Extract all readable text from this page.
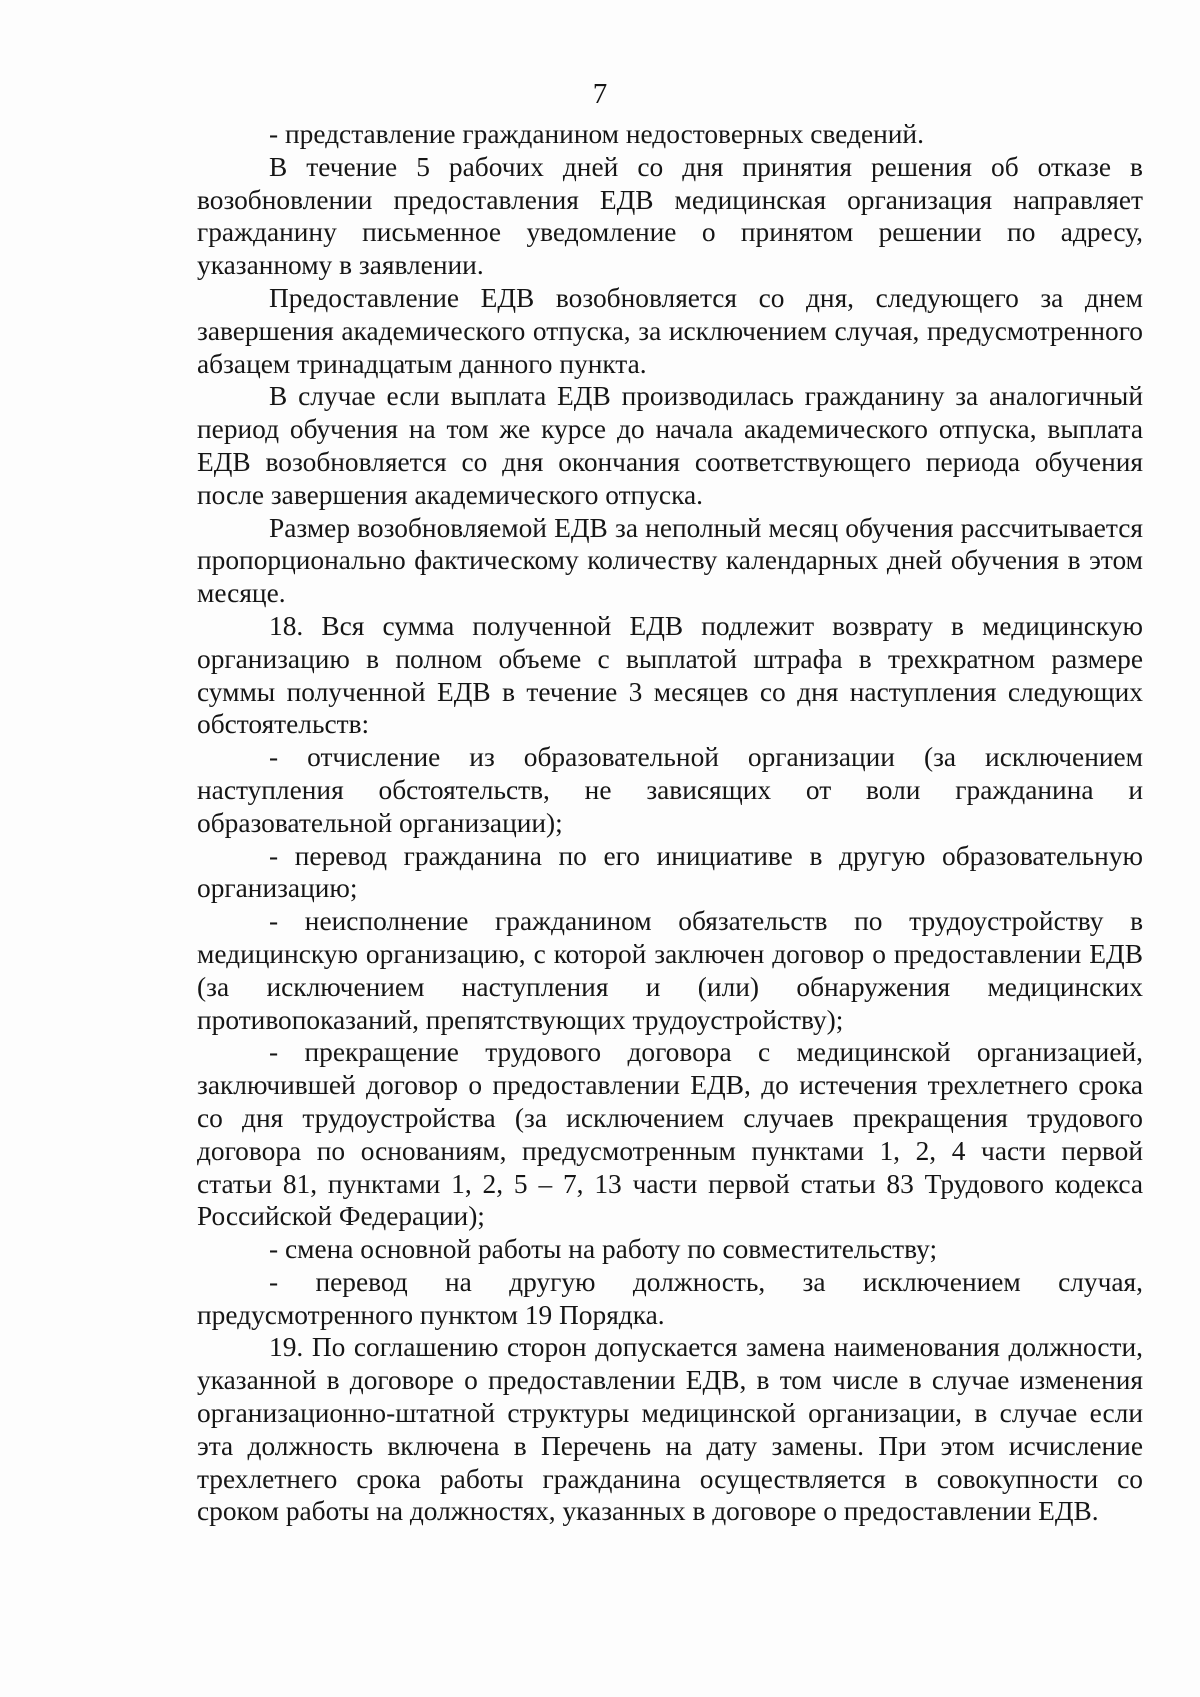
7

- представление гражданином недостоверных сведений.

В течение 5 рабочих дней со дня принятия решения об отказе в возобновлении предоставления ЕДВ медицинская организация направляет гражданину письменное уведомление о принятом решении по адресу, указанному в заявлении.

Предоставление ЕДВ возобновляется со дня, следующего за днем завершения академического отпуска, за исключением случая, предусмотренного абзацем тринадцатым данного пункта.

В случае если выплата ЕДВ производилась гражданину за аналогичный период обучения на том же курсе до начала академического отпуска, выплата ЕДВ возобновляется со дня окончания соответствующего периода обучения после завершения академического отпуска.

Размер возобновляемой ЕДВ за неполный месяц обучения рассчитывается пропорционально фактическому количеству календарных дней обучения в этом месяце.

18. Вся сумма полученной ЕДВ подлежит возврату в медицинскую организацию в полном объеме с выплатой штрафа в трехкратном размере суммы полученной ЕДВ в течение 3 месяцев со дня наступления следующих обстоятельств:

- отчисление из образовательной организации (за исключением наступления обстоятельств, не зависящих от воли гражданина и образовательной организации);

- перевод гражданина по его инициативе в другую образовательную организацию;

- неисполнение гражданином обязательств по трудоустройству в медицинскую организацию, с которой заключен договор о предоставлении ЕДВ (за исключением наступления и (или) обнаружения медицинских противопоказаний, препятствующих трудоустройству);

- прекращение трудового договора с медицинской организацией, заключившей договор о предоставлении ЕДВ, до истечения трехлетнего срока со дня трудоустройства (за исключением случаев прекращения трудового договора по основаниям, предусмотренным пунктами 1, 2, 4 части первой статьи 81, пунктами 1, 2, 5 – 7, 13 части первой статьи 83 Трудового кодекса Российской Федерации);

- смена основной работы на работу по совместительству;

- перевод на другую должность, за исключением случая, предусмотренного пунктом 19 Порядка.

19. По соглашению сторон допускается замена наименования должности, указанной в договоре о предоставлении ЕДВ, в том числе в случае изменения организационно-штатной структуры медицинской организации, в случае если эта должность включена в Перечень на дату замены. При этом исчисление трехлетнего срока работы гражданина осуществляется в совокупности со сроком работы на должностях, указанных в договоре о предоставлении ЕДВ.
